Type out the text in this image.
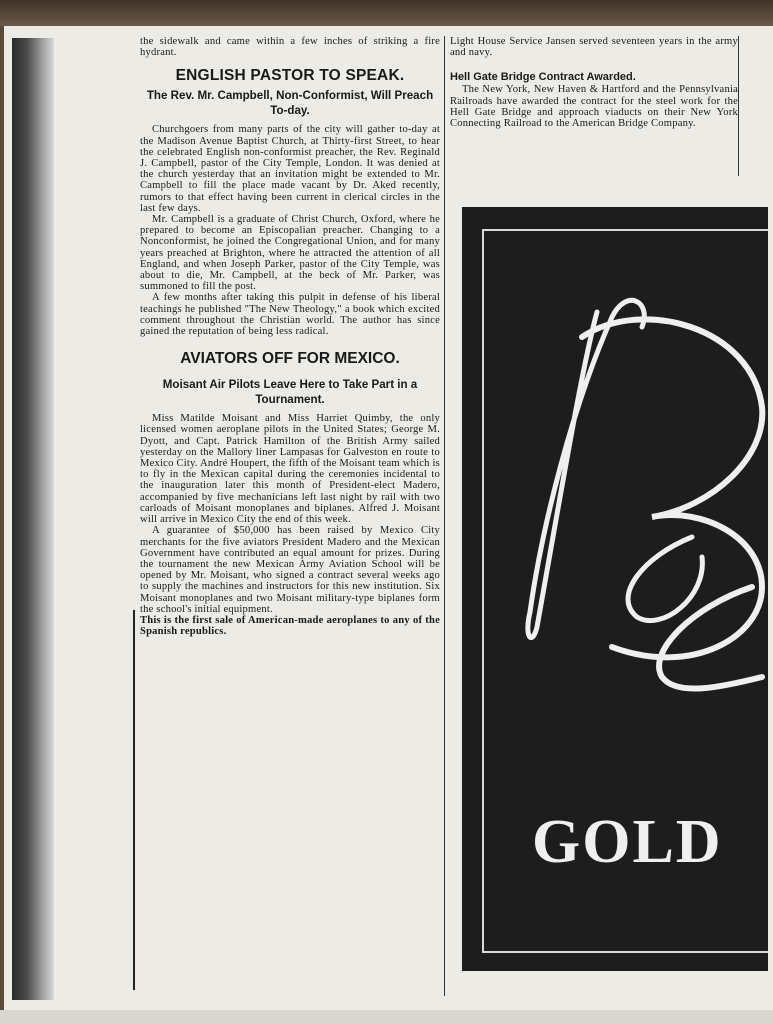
the sidewalk and came within a few inches of striking a fire hydrant.

ENGLISH PASTOR TO SPEAK.
The Rev. Mr. Campbell, Non-Conformist, Will Preach To-day.

Churchgoers from many parts of the city will gather to-day at the Madison Avenue Baptist Church, at Thirty-first Street, to hear the celebrated English non-conformist preacher, the Rev. Reginald J. Campbell, pastor of the City Temple, London. It was denied at the church yesterday that an invitation might be extended to Mr. Campbell to fill the place made vacant by Dr. Aked recently, rumors to that effect having been current in clerical circles in the last few days.

Mr. Campbell is a graduate of Christ Church, Oxford, where he prepared to become an Episcopalian preacher. Changing to a Nonconformist, he joined the Congregational Union, and for many years preached at Brighton, where he attracted the attention of all England, and when Joseph Parker, pastor of the City Temple, was about to die, Mr. Campbell, at the beck of Mr. Parker, was summoned to fill the post.

A few months after taking this pulpit in defense of his liberal teachings he published "The New Theology," a book which excited comment throughout the Christian world. The author has since gained the reputation of being less radical.

AVIATORS OFF FOR MEXICO.
Moisant Air Pilots Leave Here to Take Part in a Tournament.

Miss Matilde Moisant and Miss Harriet Quimby, the only licensed women aeroplane pilots in the United States; George M. Dyott, and Capt. Patrick Hamilton of the British Army sailed yesterday on the Mallory liner Lampasas for Galveston en route to Mexico City. André Houpert, the fifth of the Moisant team which is to fly in the Mexican capital during the ceremonies incidental to the inauguration later this month of President-elect Madero, accompanied by five mechanicians left last night by rail with two carloads of Moisant monoplanes and biplanes. Alfred J. Moisant will arrive in Mexico City the end of this week.

A guarantee of $50,000 has been raised by Mexico City merchants for the five aviators President Madero and the Mexican Government have contributed an equal amount for prizes. During the tournament the new Mexican Army Aviation School will be opened by Mr. Moisant, who signed a contract several weeks ago to supply the machines and instructors for this new institution. Six Moisant monoplanes and two Moisant military-type biplanes form the school's initial equipment.

This is the first sale of American-made aeroplanes to any of the Spanish republics.

Light House Service Jansen served seventeen years in the army and navy.

Hell Gate Bridge Contract Awarded.

The New York, New Haven & Hartford and the Pennsylvania Railroads have awarded the contract for the steel work for the Hell Gate Bridge and approach viaducts on their New York Connecting Railroad to the American Bridge Company.

GOLD
